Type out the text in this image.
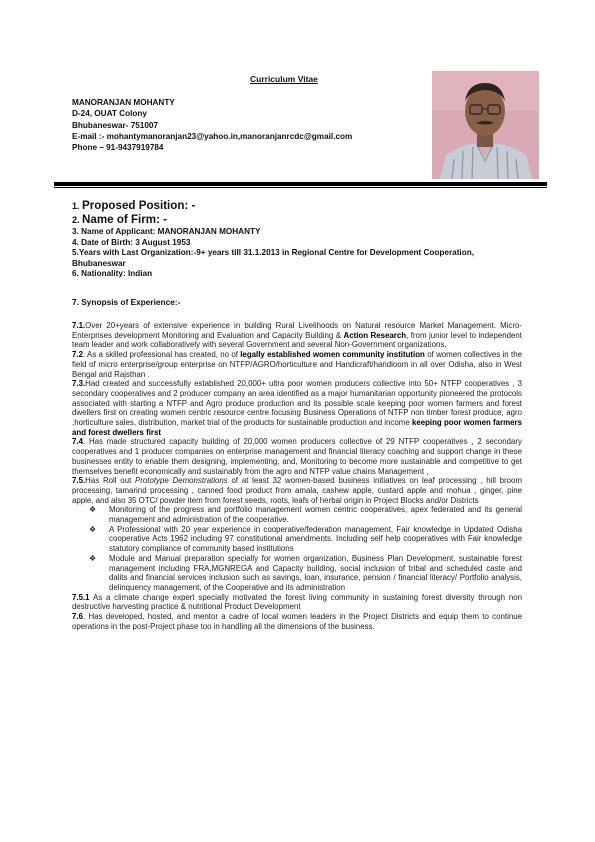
Curriculum Vitae
MANORANJAN MOHANTY
D-24, OUAT Colony
Bhubaneswar- 751007
E-mail :- mohantymanoranjan23@yahoo.in,manoranjanrcdc@gmail.com
Phone – 91-9437919784
1. Proposed Position: -
2. Name of Firm: -
3. Name of Applicant: MANORANJAN MOHANTY
4. Date of Birth: 3 August 1953
5.Years with Last Organization:-9+ years till 31.1.2013 in Regional Centre for Development Cooperation, Bhubaneswar
6. Nationality: Indian
7. Synopsis of Experience:-

7.1.Over 20+years of extensive experience in building Rural Livelihoods on Natural resource Market Management. Micro-Enterprises development Monitoring and Evaluation and Capacity Building & Action Research, from junior level to independent team leader and work collaboratively with several Government and several Non-Government organizations,

7.2. As a skilled professional has created, no of legally established women community institution of women collectives in the field of micro enterprise/group enterprise on NTFP/AGRO/horticulture and Handicraft/handloom in all over Odisha, also in West Bengal and Rajsthan .

7.3.Had created and successfully established 20,000+ ultra poor women producers collective into 50+ NTFP cooperatives , 3 secondary cooperatives and 2 producer company an area identified as a major humanitarian opportunity pioneered the protocols associated with starting a NTFP and Agro produce production and its possible scale keeping poor women farmers and forest dwellers first on creating women centric resource centre focusing Business Operations of NTFP non timber forest produce, agro ,horticulture sales, distribution, market trial of the products for sustainable production and income keeping poor women farmers and forest dwellers first

7.4. Has made structured capacity building of 20,000 women producers collective of 29 NTFP cooperatives , 2 secondary cooperatives and 1 producer companies on enterprise management and financial literacy coaching and support change in these businesses entity to enable them designing, implementing, and, Monitoring to become more sustainable and competitive to get themselves benefit economically and sustainably from the agro and NTFP value chains Management ,

7.5.Has Roll out Prototype Demonstrations of at least 32 women-based business initiatives on leaf processing , hill broom processing, tamarind processing , canned food product from amala, cashew apple, custard apple and mohua , ginger, pine apple, and also 35 OTC/ powder item from forest seeds, roots, leafs of herbal origin in Project Blocks and/or Districts

❖ Monitoring of the progress and portfolio management women centric cooperatives, apex federated and its general management and administration of the cooperative.
❖ A Professional with 20 year experience in cooperative/federation management, Fair knowledge in Updated Odisha cooperative Acts 1962 including 97 constitutional amendments. Including self help cooperatives with Fair knowledge statutory compliance of community based institutions
❖ Module and Manual preparation specially for women organization, Business Plan Development, sustainable forest management including FRA,MGNREGA and Capacity building, social inclusion of tribal and scheduled caste and dalits and financial services inclusion such as savings, loan, insurance, pension / financial literacy/ Portfolio analysis, delinquency management, of the Cooperative and its administration

7.5.1 As a climate change expert specially motivated the forest living community in sustaining forest diversity through non destructive harvesting practice & nutritional Product Development

7.6. Has developed, hosted, and mentor a cadre of local women leaders in the Project Districts and equip them to continue operations in the post-Project phase too in handling all the dimensions of the business.
